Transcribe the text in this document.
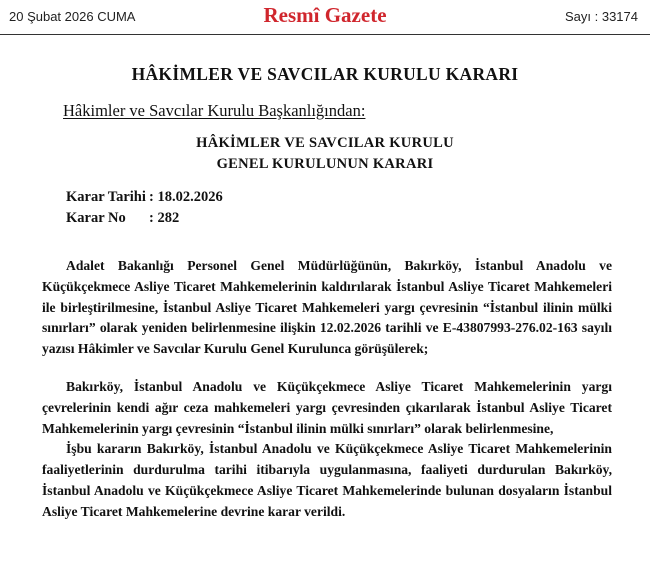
20 Şubat 2026 CUMA	Resmî Gazete	Sayı : 33174
HÂKİMLER VE SAVCILAR KURULU KARARI
Hâkimler ve Savcılar Kurulu Başkanlığından:
HÂKİMLER VE SAVCILAR KURULU
GENEL KURULUNUN KARARI
Karar Tarihi : 18.02.2026
Karar No : 282

Adalet Bakanlığı Personel Genel Müdürlüğünün, Bakırköy, İstanbul Anadolu ve Küçükçekmece Asliye Ticaret Mahkemelerinin kaldırılarak İstanbul Asliye Ticaret Mahkemeleri ile birleştirilmesine, İstanbul Asliye Ticaret Mahkemeleri yargı çevresinin “İstanbul ilinin mülki sınırları” olarak yeniden belirlenmesine ilişkin 12.02.2026 tarihli ve E-43807993-276.02-163 sayılı yazısı Hâkimler ve Savcılar Kurulu Genel Kurulunca görüşülerek;

Bakırköy, İstanbul Anadolu ve Küçükçekmece Asliye Ticaret Mahkemelerinin yargı çevrelerinin kendi ağır ceza mahkemeleri yargı çevresinden çıkarılarak İstanbul Asliye Ticaret Mahkemelerinin yargı çevresinin “İstanbul ilinin mülki sınırları” olarak belirlenmesine,

İşbu kararın Bakırköy, İstanbul Anadolu ve Küçükçekmece Asliye Ticaret Mahkemelerinin faaliyetlerinin durdurulma tarihi itibarıyla uygulanmasına, faaliyeti durdurulan Bakırköy, İstanbul Anadolu ve Küçükçekmece Asliye Ticaret Mahkemelerinde bulunan dosyaların İstanbul Asliye Ticaret Mahkemelerine devrine karar verildi.
